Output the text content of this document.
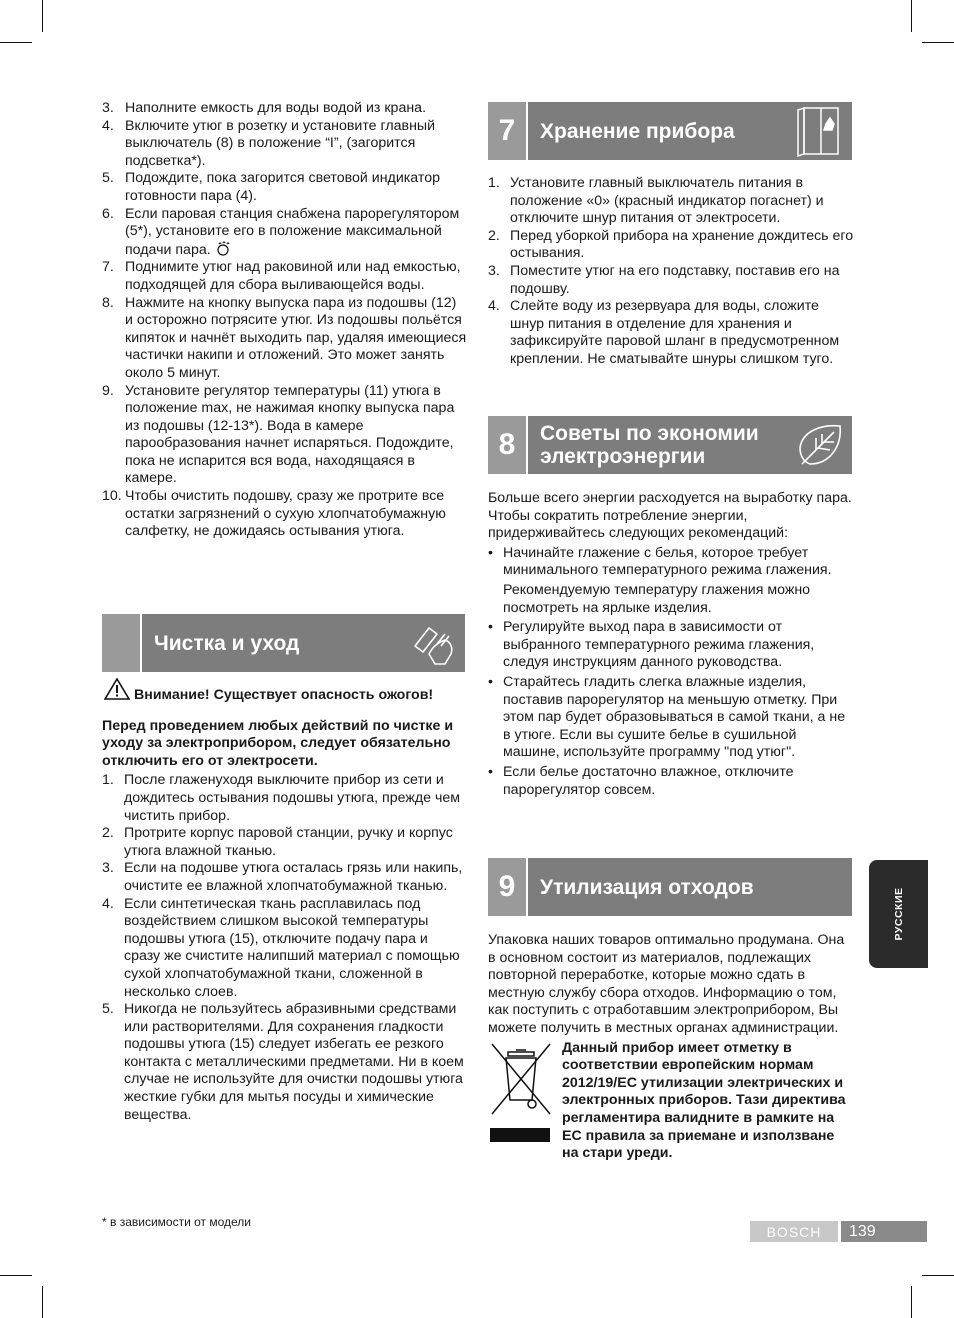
3. Наполните емкость для воды водой из крана.
4. Включите утюг в розетку и установите главный выключатель (8) в положение “I”, (загорится подсветка*).
5. Подождите, пока загорится световой индикатор готовности пара (4).
6. Если паровая станция снабжена парорегулятором (5*), установите его в положение максимальной подачи пара.
7. Поднимите утюг над раковиной или над емкостью, подходящей для сбора выливающейся воды.
8. Нажмите на кнопку выпуска пара из подошвы (12) и осторожно потрясите утюг. Из подошвы польётся кипяток и начнёт выходить пар, удаляя имеющиеся частички накипи и отложений. Это может занять около 5 минут.
9. Установите регулятор температуры (11) утюга в положение max, не нажимая кнопку выпуска пара из подошвы (12-13*). Вода в камере парообразования начнет испаряться. Подождите, пока не испарится вся вода, находящаяся в камере.
10. Чтобы очистить подошву, сразу же протрите все остатки загрязнений о сухую хлопчатобумажную салфетку, не дожидаясь остывания утюга.
Чистка и уход

Внимание! Существует опасность ожогов!

Перед проведением любых действий по чистке и уходу за электроприбором, следует обязательно отключить его от электросети.

1. После глаженуходя выключите прибор из сети и дождитесь остывания подошвы утюга, прежде чем чистить прибор.
2. Протрите корпус паровой станции, ручку и корпус утюга влажной тканью.
3. Если на подошве утюга осталась грязь или накипь, очистите ее влажной хлопчатобумажной тканью.
4. Если синтетическая ткань расплавилась под воздействием слишком высокой температуры подошвы утюга (15), отключите подачу пара и сразу же счистите налипший материал с помощью сухой хлопчатобумажной ткани, сложенной в несколько слоев.
5. Никогда не пользуйтесь абразивными средствами или растворителями. Для сохранения гладкости подошвы утюга (15) следует избегать ее резкого контакта с металлическими предметами. Ни в коем случае не используйте для очистки подошвы утюга жесткие губки для мытья посуды и химические вещества.
* в зависимости от модели
7	Хранение прибора
1. Установите главный выключатель питания в положение «0» (красный индикатор погаснет) и отключите шнур питания от электросети.
2. Перед уборкой прибора на хранение дождитесь его остывания.
3. Поместите утюг на его подставку, поставив его на подошву.
4. Слейте воду из резервуара для воды, сложите шнур питания в отделение для хранения и зафиксируйте паровой шланг в предусмотренном креплении. Не сматывайте шнуры слишком туго.
8	Советы по экономии
электроэнергии

Больше всего энергии расходуется на выработку пара. Чтобы сократить потребление энергии, придерживайтесь следующих рекомендаций:

• Начинайте глажение с белья, которое требует минимального температурного режима глажения.
Рекомендуемую температуру глажения можно посмотреть на ярлыке изделия.
• Регулируйте выход пара в зависимости от выбранного температурного режима глажения, следуя инструкциям данного руководства.
• Старайтесь гладить слегка влажные изделия, поставив парорегулятор на меньшую отметку. При этом пар будет образовываться в самой ткани, а не в утюге. Если вы сушите белье в сушильной машине, используйте программу "под утюг".
• Если белье достаточно влажное, отключите парорегулятор совсем.
9	Утилизация отходов

Упаковка наших товаров оптимально продумана. Она в основном состоит из материалов, подлежащих повторной переработке, которые можно сдать в местную службу сбора отходов. Информацию о том, как поступить с отработавшим электроприбором, Вы можете получить в местных органах администрации.

Данный прибор имеет отметку в соответствии европейским нормам 2012/19/ЕС утилизации электрических и электронных приборов. Тази директива регламентира валидните в рамките на ЕС правила за приемане и използване на стари уреди.

РУССКИЕ
BOSCH	139
